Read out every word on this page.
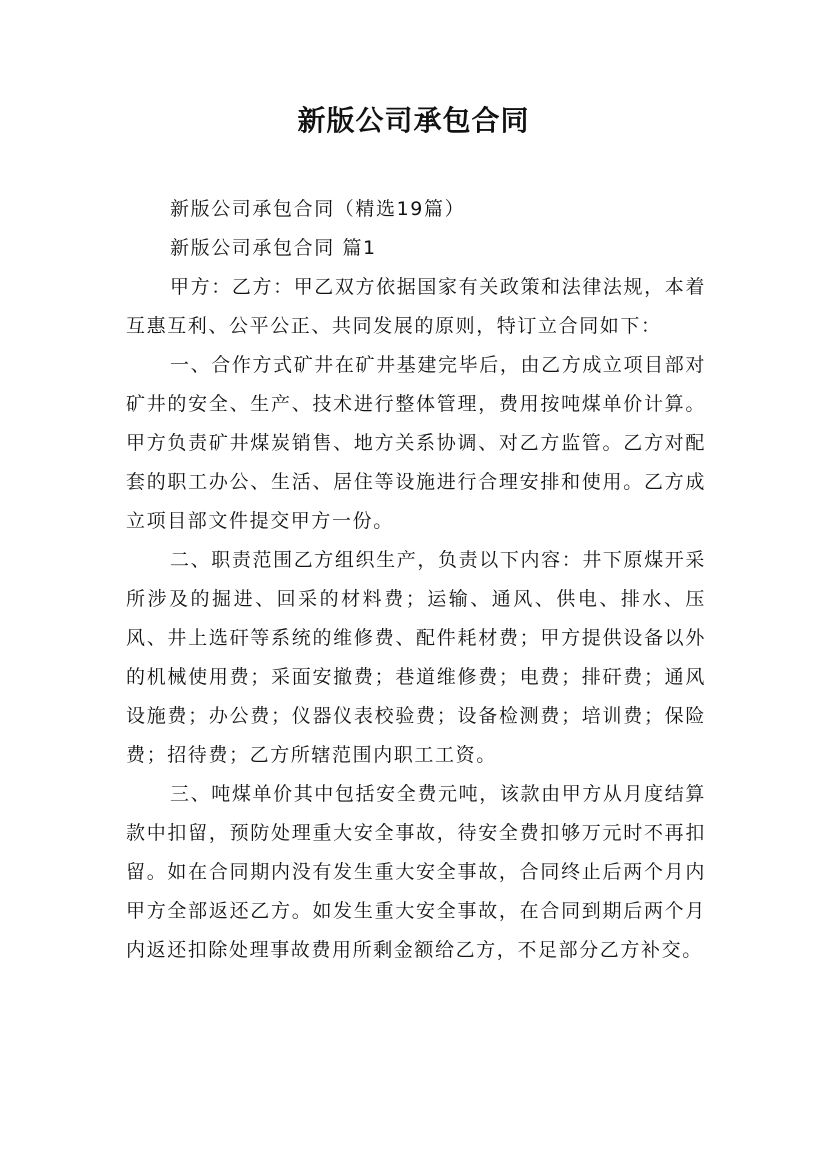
新版公司承包合同

新版公司承包合同（精选19篇）

新版公司承包合同 篇1

甲方：乙方：甲乙双方依据国家有关政策和法律法规，本着互惠互利、公平公正、共同发展的原则，特订立合同如下：

一、合作方式矿井在矿井基建完毕后，由乙方成立项目部对矿井的安全、生产、技术进行整体管理，费用按吨煤单价计算。甲方负责矿井煤炭销售、地方关系协调、对乙方监管。乙方对配套的职工办公、生活、居住等设施进行合理安排和使用。乙方成立项目部文件提交甲方一份。

二、职责范围乙方组织生产，负责以下内容：井下原煤开采所涉及的掘进、回采的材料费；运输、通风、供电、排水、压风、井上选矸等系统的维修费、配件耗材费；甲方提供设备以外的机械使用费；采面安撤费；巷道维修费；电费；排矸费；通风设施费；办公费；仪器仪表校验费；设备检测费；培训费；保险费；招待费；乙方所辖范围内职工工资。

三、吨煤单价其中包括安全费元吨，该款由甲方从月度结算款中扣留，预防处理重大安全事故，待安全费扣够万元时不再扣留。如在合同期内没有发生重大安全事故，合同终止后两个月内甲方全部返还乙方。如发生重大安全事故，在合同到期后两个月内返还扣除处理事故费用所剩金额给乙方，不足部分乙方补交。
